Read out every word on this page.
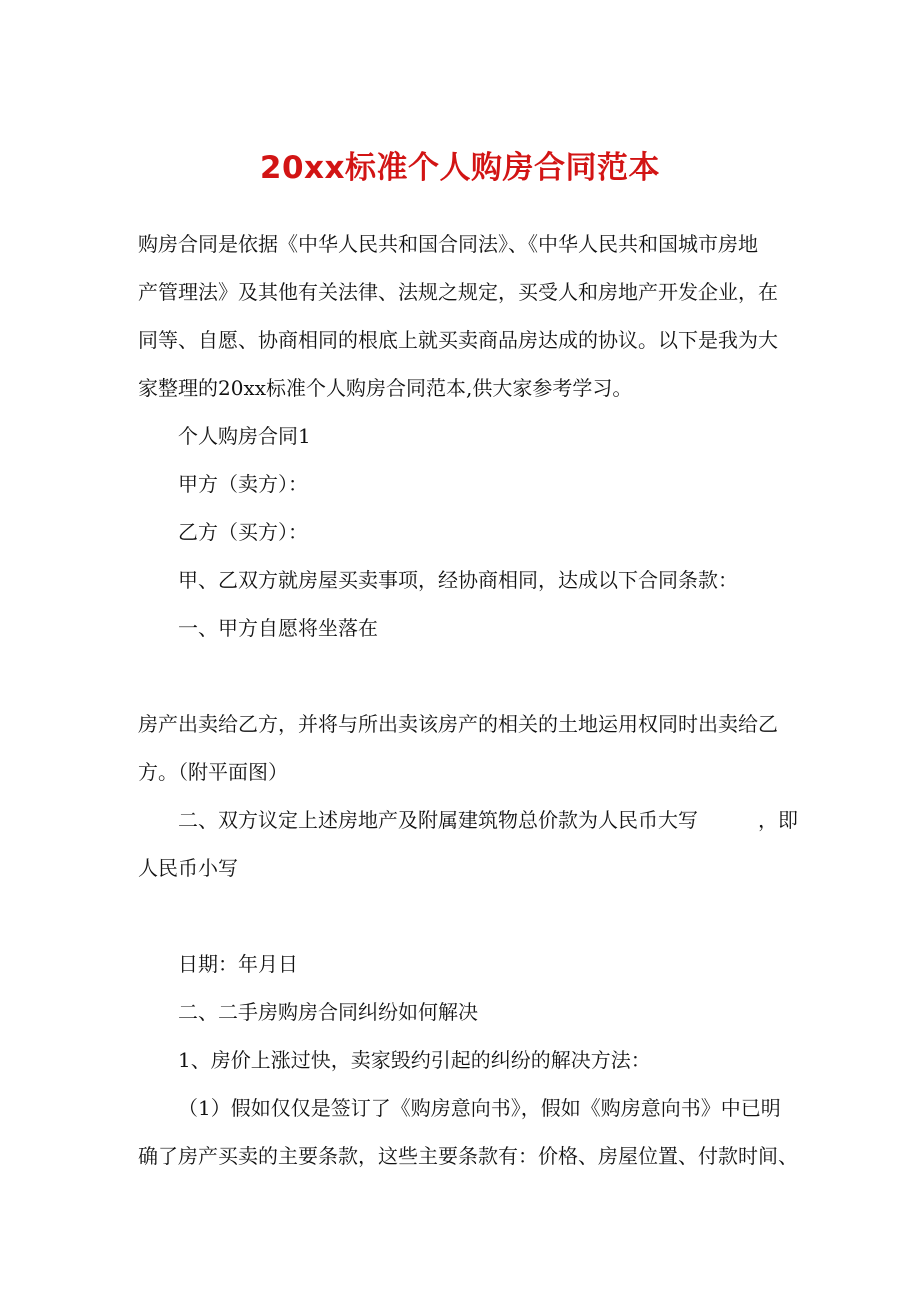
20xx标准个人购房合同范本
购房合同是依据《中华人民共和国合同法》、《中华人民共和国城市房地
产管理法》及其他有关法律、法规之规定，买受人和房地产开发企业，在
同等、自愿、协商相同的根底上就买卖商品房达成的协议。以下是我为大
家整理的20xx标准个人购房合同范本,供大家参考学习。
个人购房合同1
甲方（卖方）：
乙方（买方）：
甲、乙双方就房屋买卖事项，经协商相同，达成以下合同条款：
一、甲方自愿将坐落在
房产出卖给乙方，并将与所出卖该房产的相关的土地运用权同时出卖给乙
方。（附平面图）
二、双方议定上述房地产及附属建筑物总价款为人民币大写　　　，即
人民币小写
日期：年月日
二、二手房购房合同纠纷如何解决
1、房价上涨过快，卖家毁约引起的纠纷的解决方法：
（1）假如仅仅是签订了《购房意向书》，假如《购房意向书》中已明
确了房产买卖的主要条款，这些主要条款有：价格、房屋位置、付款时间、
